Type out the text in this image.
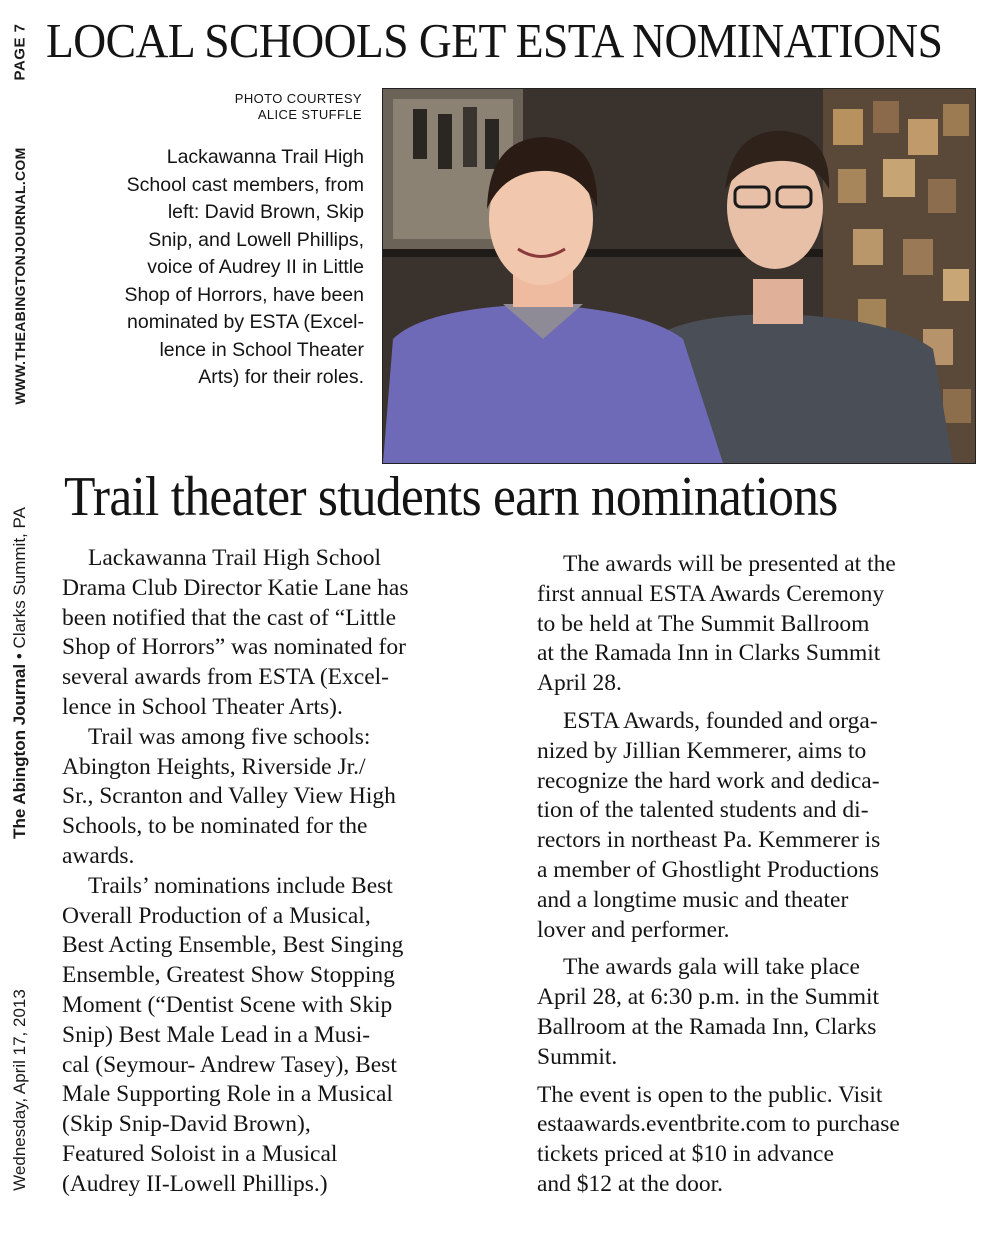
PAGE 7
WWW.THEABINGTONJOURNAL.COM
The Abington Journal • Clarks Summit, PA
Wednesday, April 17, 2013
LOCAL SCHOOLS GET ESTA NOMINATIONS
PHOTO COURTESY
ALICE STUFFLE
Lackawanna Trail High
School cast members, from
left: David Brown, Skip
Snip, and Lowell Phillips,
voice of Audrey II in Little
Shop of Horrors, have been
nominated by ESTA (Excel-
lence in School Theater
Arts) for their roles.
Trail theater students earn nominations

Lackawanna Trail High School
Drama Club Director Katie Lane has
been notified that the cast of “Little
Shop of Horrors” was nominated for
several awards from ESTA (Excel-
lence in School Theater Arts).

Trail was among five schools:
Abington Heights, Riverside Jr./
Sr., Scranton and Valley View High
Schools, to be nominated for the
awards.

Trails’ nominations include Best
Overall Production of a Musical,
Best Acting Ensemble, Best Singing
Ensemble, Greatest Show Stopping
Moment (“Dentist Scene with Skip
Snip) Best Male Lead in a Musi-
cal (Seymour- Andrew Tasey), Best
Male Supporting Role in a Musical
(Skip Snip-David Brown),
Featured Soloist in a Musical
(Audrey II-Lowell Phillips.)

The awards will be presented at the
first annual ESTA Awards Ceremony
to be held at The Summit Ballroom
at the Ramada Inn in Clarks Summit
April 28.

ESTA Awards, founded and orga-
nized by Jillian Kemmerer, aims to
recognize the hard work and dedica-
tion of the talented students and di-
rectors in northeast Pa. Kemmerer is
a member of Ghostlight Productions
and a longtime music and theater
lover and performer.

The awards gala will take place
April 28, at 6:30 p.m. in the Summit
Ballroom at the Ramada Inn, Clarks
Summit.

The event is open to the public. Visit
estaawards.eventbrite.com to purchase
tickets priced at $10 in advance
and $12 at the door.
